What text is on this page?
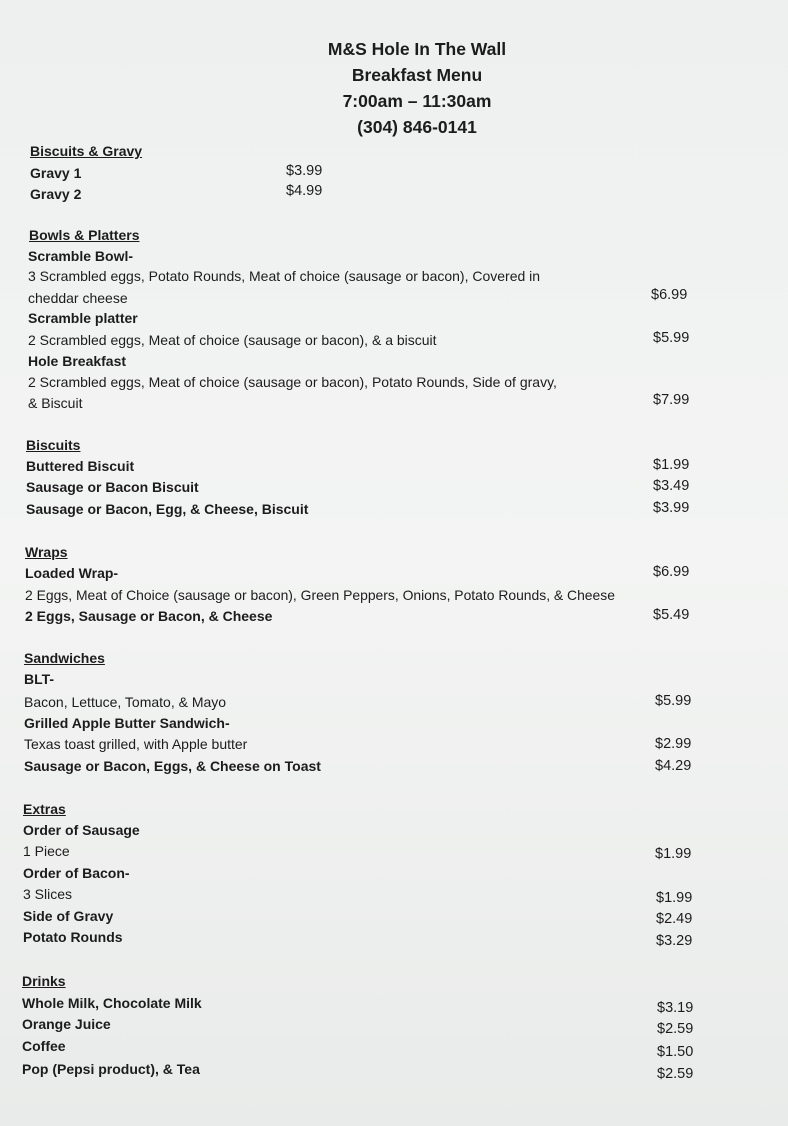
M&S Hole In The Wall
Breakfast Menu
7:00am – 11:30am
(304) 846-0141
Biscuits & Gravy
Gravy 1	$3.99
Gravy 2	$4.99
Bowls & Platters
Scramble Bowl-
3 Scrambled eggs, Potato Rounds, Meat of choice (sausage or bacon), Covered in
cheddar cheese	$6.99
Scramble platter
2 Scrambled eggs, Meat of choice (sausage or bacon), & a biscuit	$5.99
Hole Breakfast
2 Scrambled eggs, Meat of choice (sausage or bacon), Potato Rounds, Side of gravy,
& Biscuit	$7.99
Biscuits
Buttered Biscuit	$1.99
Sausage or Bacon Biscuit	$3.49
Sausage or Bacon, Egg, & Cheese, Biscuit	$3.99
Wraps
Loaded Wrap-	$6.99
2 Eggs, Meat of Choice (sausage or bacon), Green Peppers, Onions, Potato Rounds, & Cheese
2 Eggs, Sausage or Bacon, & Cheese	$5.49
Sandwiches
BLT-
Bacon, Lettuce, Tomato, & Mayo	$5.99
Grilled Apple Butter Sandwich-
Texas toast grilled, with Apple butter	$2.99
Sausage or Bacon, Eggs, & Cheese on Toast	$4.29
Extras
Order of Sausage
1 Piece	$1.99
Order of Bacon-
3 Slices	$1.99
Side of Gravy	$2.49
Potato Rounds	$3.29
Drinks
Whole Milk, Chocolate Milk	$3.19
Orange Juice	$2.59
Coffee	$1.50
Pop (Pepsi product), & Tea	$2.59
